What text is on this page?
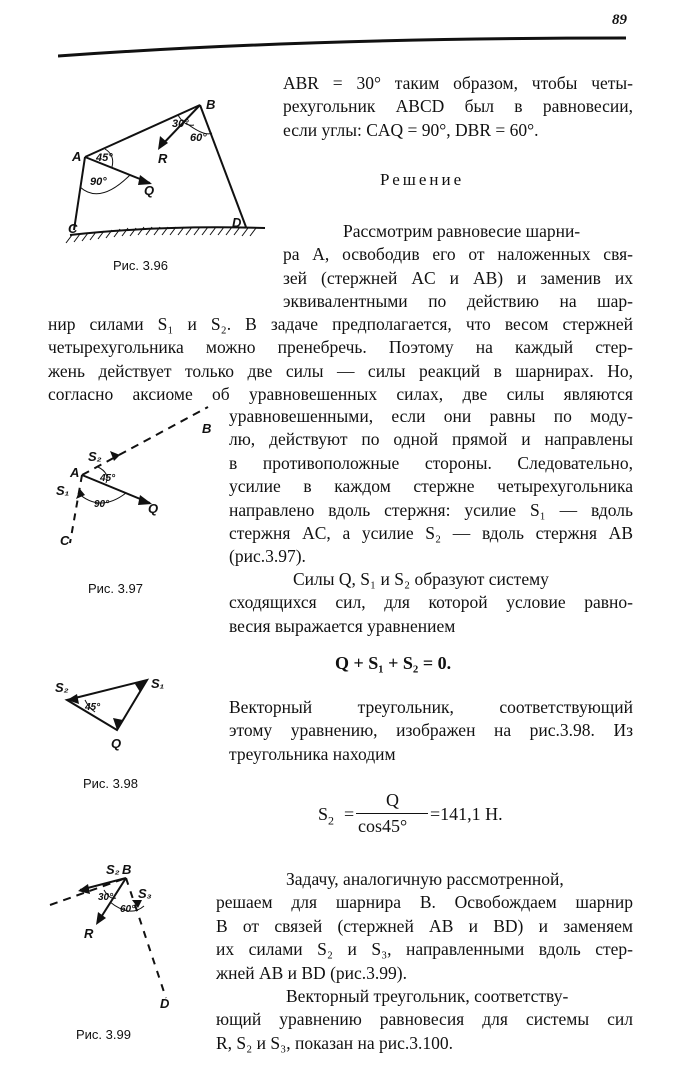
89
ABR = 30° таким образом, чтобы четы-
рехугольник ABCD был в равновесии,
если углы: CAQ = 90°, DBR = 60°.
Решение
A
B
C	D
Q
R
45°
90°
30°
60°
Рис. 3.96
Рассмотрим равновесие шарни-
ра A, освободив его от наложенных свя-
зей (стержней AC и AB) и заменив их
эквивалентными по действию на шар-
нир силами S₁ и S₂. В задаче предполагается, что весом стержней
четырехугольника можно пренебречь. Поэтому на каждый стер-
жень действует только две силы — силы реакций в шарнирах. Но,
согласно аксиоме об уравновешенных силах, две силы являются
A
B
C
Q
S₁
S₂
45°
90°
Рис. 3.97
уравновешенными, если они равны по моду-
лю, действуют по одной прямой и направлены
в противоположные стороны. Следовательно,
усилие в каждом стержне четырехугольника
направлено вдоль стержня: усилие S₁ — вдоль
стержня AC, а усилие S₂ — вдоль стержня AB
(рис.3.97).
Силы Q, S₁ и S₂ образуют систему
сходящихся сил, для которой условие равно-
весия выражается уравнением
Q + S₁ + S₂ = 0.
S₂	S₁
Q
45°
Рис. 3.98
Векторный треугольник, соответствующий
этому уравнению, изображен на рис.3.98. Из
треугольника находим
$S_2$ =
Q
cos45°
=141,1 H.
B
D
R
S₂
S₃
30°
60°
Рис. 3.99
Задачу, аналогичную рассмотренной,
решаем для шарнира B. Освобождаем шарнир
B от связей (стержней AB и BD) и заменяем
их силами S₂ и S₃, направленными вдоль стер-
жней AB и BD (рис.3.99).
Векторный треугольник, соответству-
ющий уравнению равновесия для системы сил
R, S₂ и S₃, показан на рис.3.100.
